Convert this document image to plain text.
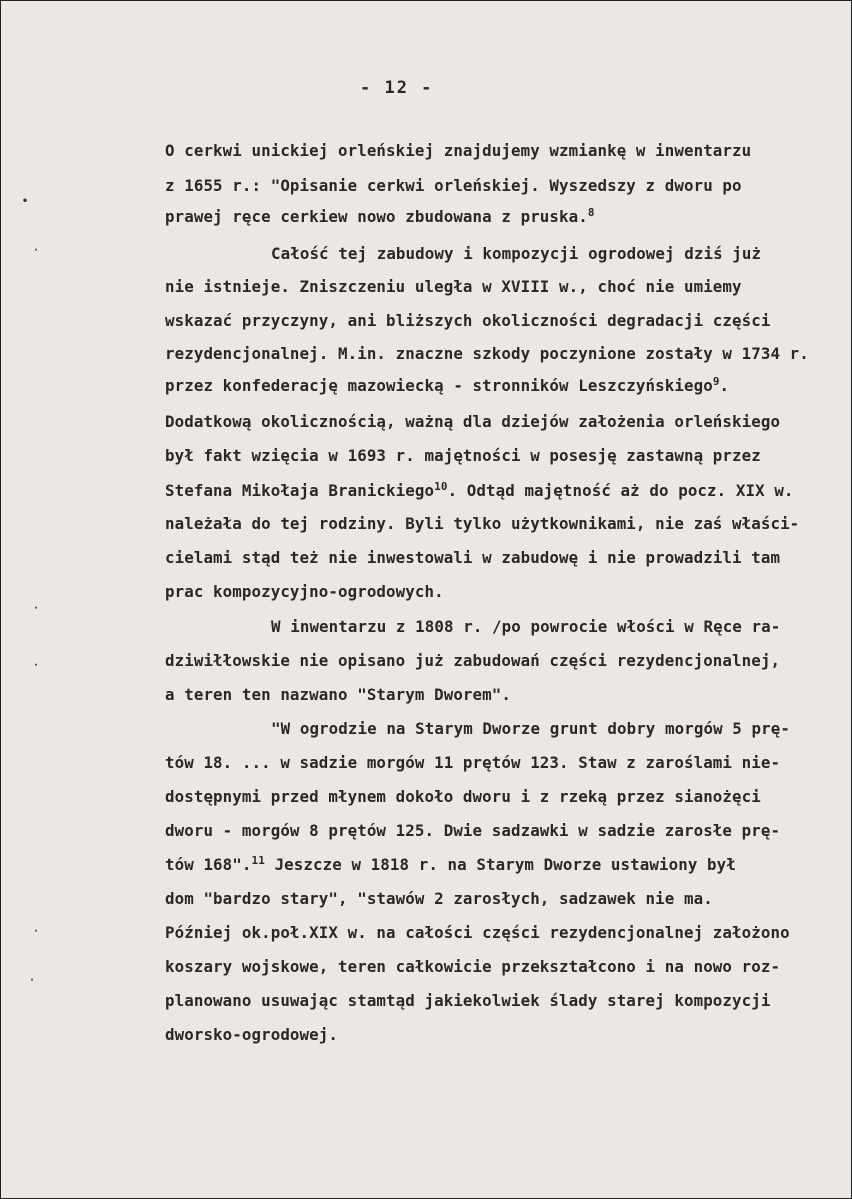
- 12 -
O cerkwi unickiej orleńskiej znajdujemy wzmiankę w inwentarzu
z 1655 r.: "Opisanie cerkwi orleńskiej. Wyszedszy z dworu po
prawej ręce cerkiew nowo zbudowana z pruska.$^8$
Całość tej zabudowy i kompozycji ogrodowej dziś już
nie istnieje. Zniszczeniu uległa w XVIII w., choć nie umiemy
wskazać przyczyny, ani bliższych okoliczności degradacji części
rezydencjonalnej. M.in. znaczne szkody poczynione zostały w 1734 r.
przez konfederację mazowiecką - stronników Leszczyńskiego$^9$.
Dodatkową okolicznością, ważną dla dziejów założenia orleńskiego
był fakt wzięcia w 1693 r. majętności w posesję zastawną przez
Stefana Mikołaja Branickiego$^{10}$. Odtąd majętność aż do pocz. XIX w.
należała do tej rodziny. Byli tylko użytkownikami, nie zaś właści-
cielami stąd też nie inwestowali w zabudowę i nie prowadzili tam
prac kompozycyjno-ogrodowych.
W inwentarzu z 1808 r. /po powrocie włości w Ręce ra-
dziwiłłowskie nie opisano już zabudowań części rezydencjonalnej,
a teren ten nazwano "Starym Dworem".
"W ogrodzie na Starym Dworze grunt dobry morgów 5 prę-
tów 18. ... w sadzie morgów 11 prętów 123. Staw z zaroślami nie-
dostępnymi przed młynem dokoło dworu i z rzeką przez sianożęci
dworu - morgów 8 prętów 125. Dwie sadzawki w sadzie zarosłe prę-
tów 168".$^{11}$ Jeszcze w 1818 r. na Starym Dworze ustawiony był
dom "bardzo stary", "stawów 2 zarosłych, sadzawek nie ma.
Później ok.poł.XIX w. na całości części rezydencjonalnej założono
koszary wojskowe, teren całkowicie przekształcono i na nowo roz-
planowano usuwając stamtąd jakiekolwiek ślady starej kompozycji
dworsko-ogrodowej.
•
·
·
·
·
·
